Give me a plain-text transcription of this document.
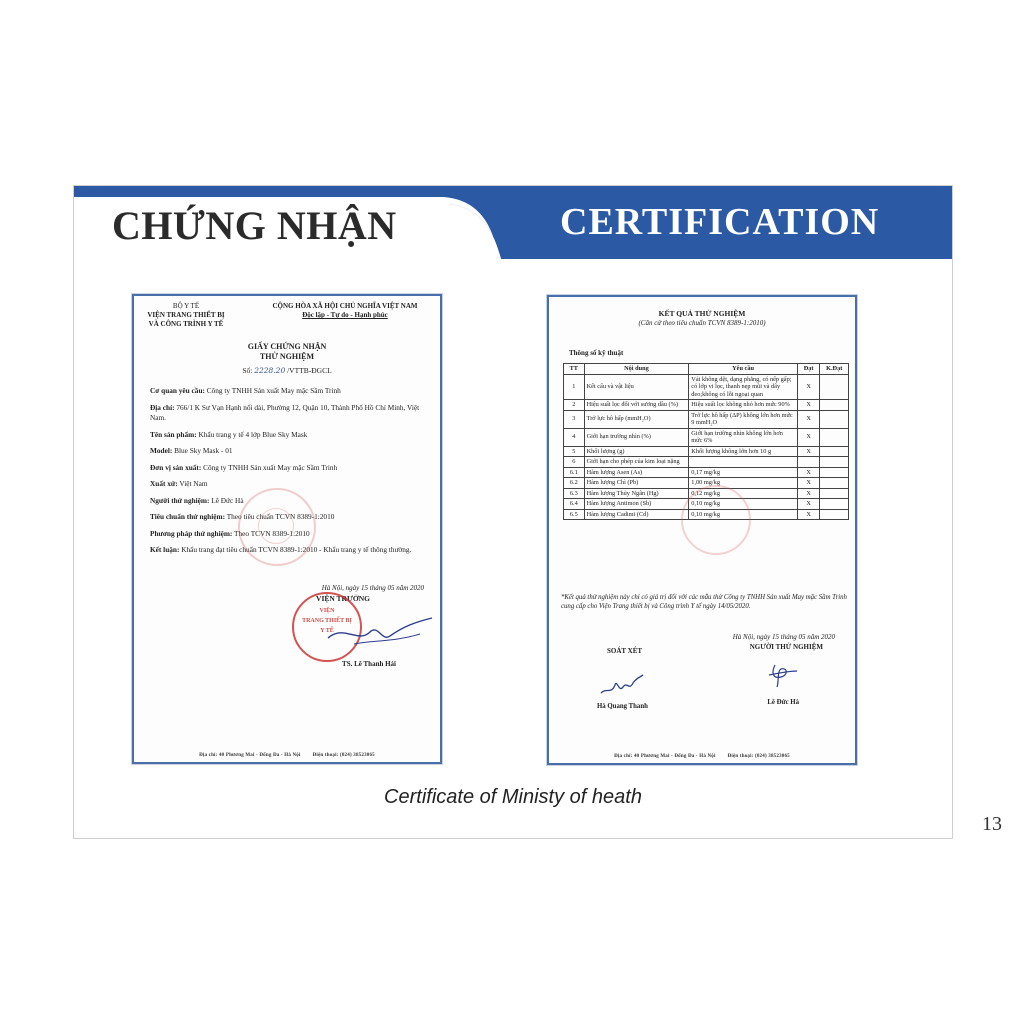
CHỨNG NHẬN	CERTIFICATION
Certificate of Ministy of heath
13
BỘ Y TẾ
VIỆN TRANG THIẾT BỊ
VÀ CÔNG TRÌNH Y TẾ
CỘNG HÒA XÃ HỘI CHỦ NGHĨA VIỆT NAM
Độc lập - Tự do - Hạnh phúc
GIẤY CHỨNG NHẬN
THỬ NGHIỆM
Số: 2228.20 /VTTB-ĐGCL
Cơ quan yêu cầu: Công ty TNHH Sản xuất May mặc Sầm Trinh
Địa chỉ: 766/1 K Sư Vạn Hạnh nối dài, Phường 12, Quận 10, Thành Phố Hồ Chí Minh, Việt Nam.
Tên sản phẩm: Khẩu trang y tế 4 lớp Blue Sky Mask
Model: Blue Sky Mask - 01
Đơn vị sản xuất: Công ty TNHH Sản xuất May mặc Sầm Trinh
Xuất xứ: Việt Nam
Người thử nghiệm: Lê Đức Hà
Tiêu chuẩn thử nghiệm: Theo tiêu chuẩn TCVN 8389-1:2010
Phương pháp thử nghiệm: Theo TCVN 8389-1:2010
Kết luận: Khẩu trang đạt tiêu chuẩn TCVN 8389-1:2010 - Khẩu trang y tế thông thường.
Hà Nội, ngày 15 tháng 05 năm 2020
VIỆN TRƯỞNG
VIỆN
TRANG THIẾT BỊ
Y TẾ
TS. Lê Thanh Hải
Địa chỉ: 40 Phương Mai - Đống Đa - Hà Nội Điện thoại: (024) 38523065
KẾT QUẢ THỬ NGHIỆM
(Căn cứ theo tiêu chuẩn TCVN 8389-1:2010)
Thông số kỹ thuật
TT	Nội dung	Yêu cầu	Đạt	K.Đạt
1	Kết cấu và vật liệu	Vải không dệt, dạng phẳng, có nếp gấp; có lớp vi lọc, thanh nẹp mũi và dây đeo;không có lỗi ngoại quan	X	
2	Hiệu suất lọc đối với sương dầu (%)	Hiệu suất lọc không nhỏ hơn mức 90%	X	
3	Trở lực hô hấp (mmH₂O)	Trở lực hô hấp (ΔP) không lớn hơn mức 9 mmH₂O	X	
4	Giới hạn trường nhìn (%)	Giới hạn trường nhìn không lớn hơn mức 6%	X	
5	Khối lượng (g)	Khối lượng không lớn hơn 10 g	X	
6	Giới hạn cho phép của kim loại nặng			
6.1	Hàm lượng Asen (As)	0,17 mg/kg	X	
6.2	Hàm lượng Chì (Pb)	1,00 mg/kg	X	
6.3	Hàm lượng Thủy Ngân (Hg)	0,12 mg/kg	X	
6.4	Hàm lượng Antimon (Sb)	0,10 mg/kg	X	
6.5	Hàm lượng Cadimi (Cd)	0,10 mg/kg	X	
*Kết quả thử nghiệm này chỉ có giá trị đối với các mẫu thử Công ty TNHH Sản xuất May mặc Sầm Trinh cung cấp cho Viện Trang thiết bị và Công trình Y tế ngày 14/05/2020.
Hà Nội, ngày 15 tháng 05 năm 2020
SOÁT XÉT	NGƯỜI THỬ NGHIỆM
Hà Quang Thanh
Lê Đức Hà
Địa chỉ: 40 Phương Mai - Đống Đa - Hà Nội Điện thoại: (024) 38523065
